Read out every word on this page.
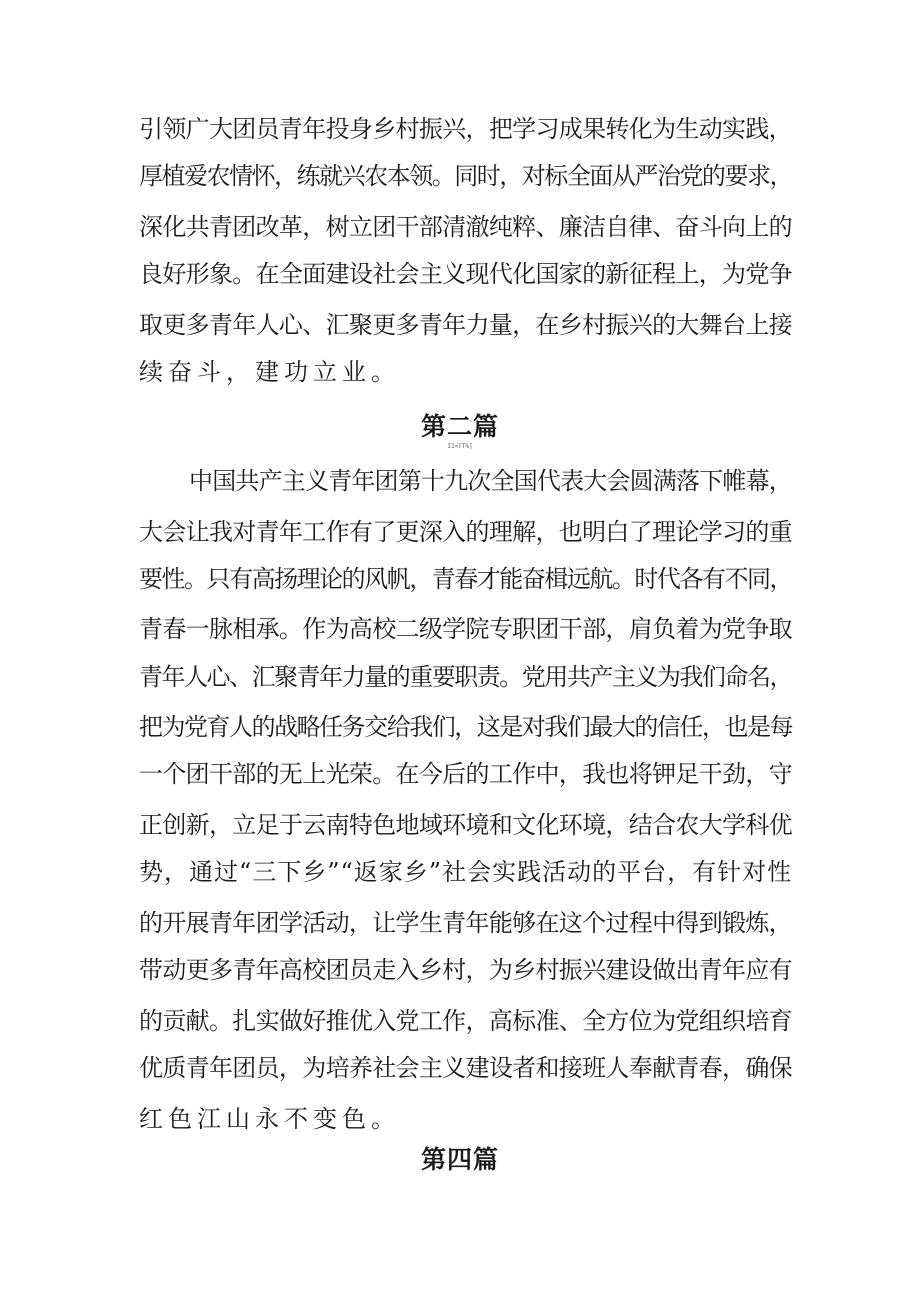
引领广大团员青年投身乡村振兴，把学习成果转化为生动实践，
厚植爱农情怀，练就兴农本领。同时，对标全面从严治党的要求，
深化共青团改革，树立团干部清澈纯粹、廉洁自律、奋斗向上的
良好形象。在全面建设社会主义现代化国家的新征程上，为党争
取更多青年人心、汇聚更多青年力量，在乡村振兴的大舞台上接
续奋斗，建功立业。
第二篇
I1<TT%]
中国共产主义青年团第十九次全国代表大会圆满落下帷幕，
大会让我对青年工作有了更深入的理解，也明白了理论学习的重
要性。只有高扬理论的风帆，青春才能奋楫远航。时代各有不同，
青春一脉相承。作为高校二级学院专职团干部，肩负着为党争取
青年人心、汇聚青年力量的重要职责。党用共产主义为我们命名，
把为党育人的战略任务交给我们，这是对我们最大的信任，也是每
一个团干部的无上光荣。在今后的工作中，我也将钾足干劲，守
正创新，立足于云南特色地域环境和文化环境，结合农大学科优
势，通过“三下乡”“返家乡”社会实践活动的平台，有针对性
的开展青年团学活动，让学生青年能够在这个过程中得到锻炼，
带动更多青年高校团员走入乡村，为乡村振兴建设做出青年应有
的贡献。扎实做好推优入党工作，高标准、全方位为党组织培育
优质青年团员，为培养社会主义建设者和接班人奉献青春，确保
红色江山永不变色。
第四篇
